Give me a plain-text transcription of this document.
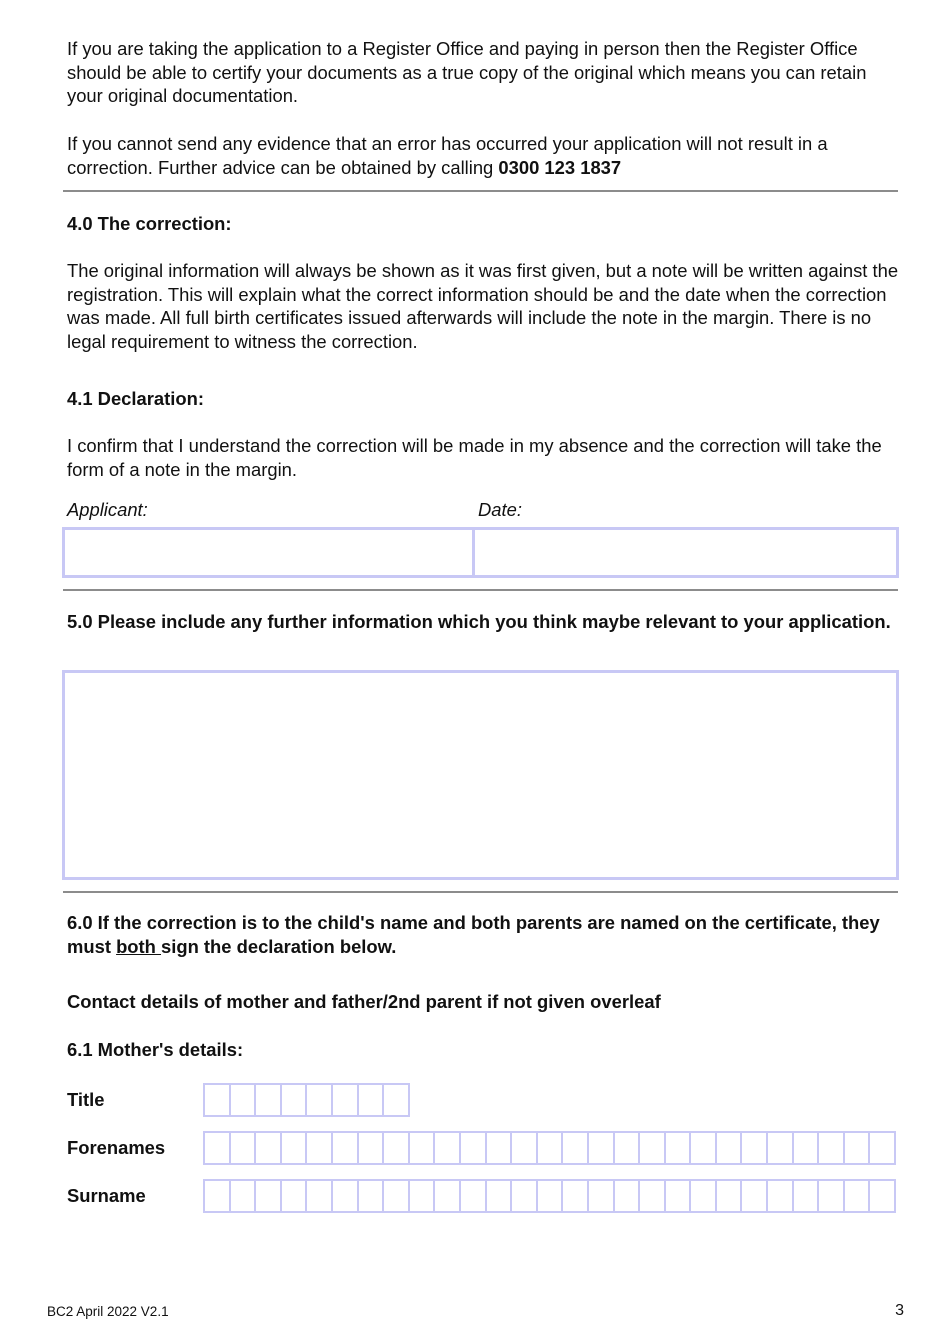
If you are taking the application to a Register Office and paying in person then the Register Office should be able to certify your documents as a true copy of the original which means you can retain your original documentation.

If you cannot send any evidence that an error has occurred your application will not result in a correction. Further advice can be obtained by calling 0300 123 1837

4.0 The correction:

The original information will always be shown as it was first given, but a note will be written against the registration. This will explain what the correct information should be and the date when the correction was made. All full birth certificates issued afterwards will include the note in the margin. There is no legal requirement to witness the correction.

4.1 Declaration:

I confirm that I understand the correction will be made in my absence and the correction will take the form of a note in the margin.

Applicant:	Date:

5.0 Please include any further information which you think maybe relevant to your application.

6.0 If the correction is to the child's name and both parents are named on the certificate, they must both sign the declaration below.

Contact details of mother and father/2nd parent if not given overleaf

6.1 Mother's details:

Title
Forenames
Surname
BC2 April 2022 V2.1	3
